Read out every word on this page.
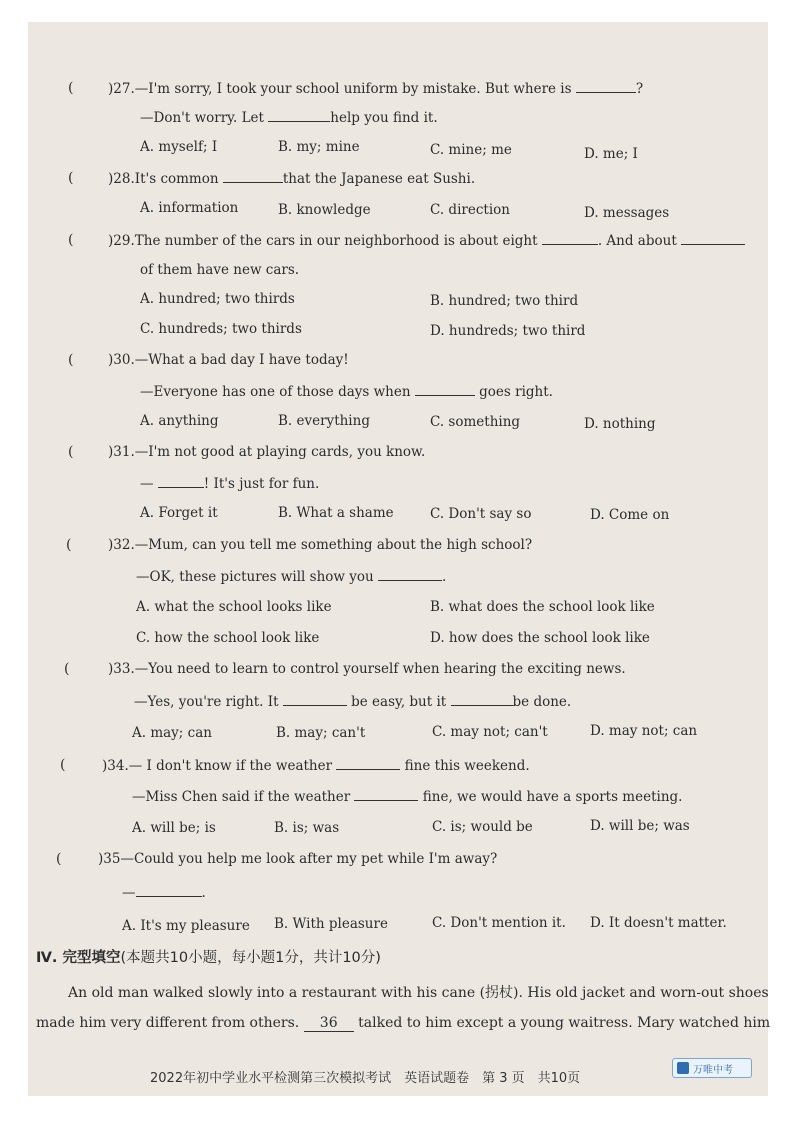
(	)27.—I'm sorry, I took your school uniform by mistake. But where is	?
—Don't worry. Let	help you find it.
A. myself; I	B. my; mine	C. mine; me	D. me; I
(	)28.It's common	that the Japanese eat Sushi.
A. information	B. knowledge	C. direction	D. messages
(	)29.The number of the cars in our neighborhood is about eight	. And about
of them have new cars.
A. hundred; two thirds	B. hundred; two third
C. hundreds; two thirds	D. hundreds; two third
(	)30.—What a bad day I have today!
—Everyone has one of those days when	goes right.
A. anything	B. everything	C. something	D. nothing
(	)31.—I'm not good at playing cards, you know.
—	! It's just for fun.
A. Forget it	B. What a shame	C. Don't say so	D. Come on
(	)32.—Mum, can you tell me something about the high school?
—OK, these pictures will show you	.
A. what the school looks like	B. what does the school look like
C. how the school look like	D. how does the school look like
(	)33.—You need to learn to control yourself when hearing the exciting news.
—Yes, you're right. It	be easy, but it	be done.
A. may; can	B. may; can't	C. may not; can't	D. may not; can
(	)34.— I don't know if the weather	fine this weekend.
—Miss Chen said if the weather	fine, we would have a sports meeting.
A. will be; is	B. is; was	C. is; would be	D. will be; was
(	)35—Could you help me look after my pet while I'm away?
—	.
A. It's my pleasure B. With pleasure	C. Don't mention it. D. It doesn't matter.
Ⅳ. 完型填空(本题共10小题，每小题1分，共计10分)
An old man walked slowly into a restaurant with his cane (拐杖). His old jacket and worn-out shoes
made him very different from others. 36 talked to him except a young waitress. Mary watched him
2022年初中学业水平检测第三次模拟考试　英语试题卷　第 3 页　共10页
万唯中考
